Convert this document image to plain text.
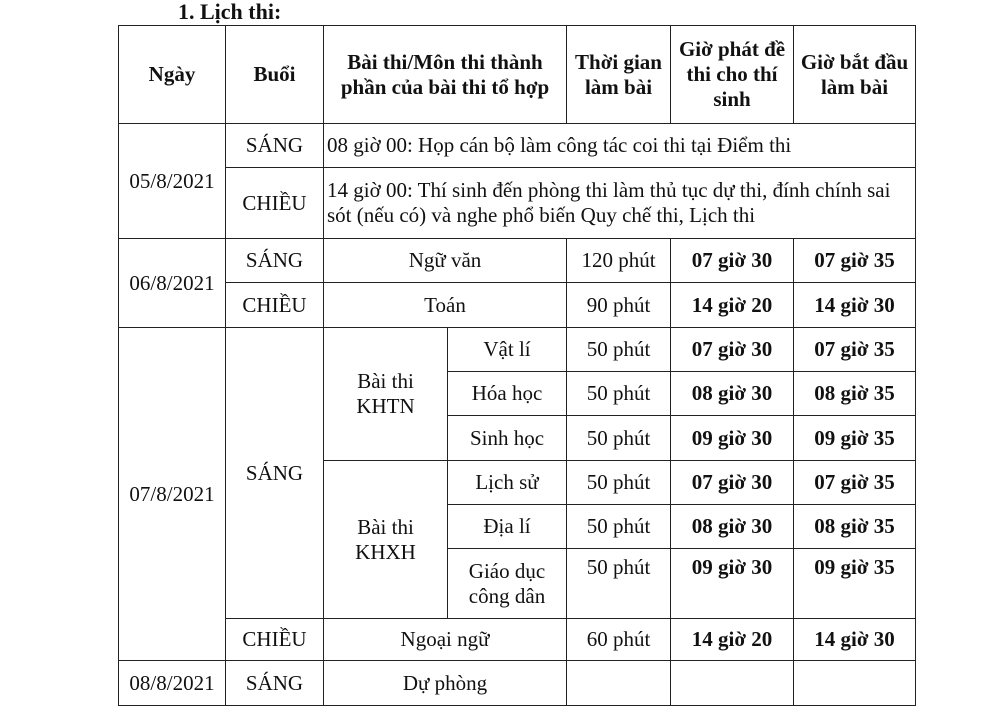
1. Lịch thi:
Ngày	Buổi	Bài thi/Môn thi thành phần của bài thi tổ hợp		Thời gian làm bài	Giờ phát đề thi cho thí sinh	Giờ bắt đầu làm bài
05/8/2021	SÁNG	08 giờ 00: Họp cán bộ làm công tác coi thi tại Điểm thi				
	CHIỀU	14 giờ 00: Thí sinh đến phòng thi làm thủ tục dự thi, đính chính sai sót (nếu có) và nghe phổ biến Quy chế thi, Lịch thi				
06/8/2021	SÁNG	Ngữ văn		120 phút	07 giờ 30	07 giờ 35
	CHIỀU	Toán		90 phút	14 giờ 20	14 giờ 30
07/8/2021	SÁNG	Bài thi KHTN	Vật lí	50 phút	07 giờ 30	07 giờ 35
			Hóa học	50 phút	08 giờ 30	08 giờ 35
			Sinh học	50 phút	09 giờ 30	09 giờ 35
		Bài thi KHXH	Lịch sử	50 phút	07 giờ 30	07 giờ 35
			Địa lí	50 phút	08 giờ 30	08 giờ 35
			Giáo dục công dân	50 phút	09 giờ 30	09 giờ 35
	CHIỀU	Ngoại ngữ		60 phút	14 giờ 20	14 giờ 30
08/8/2021	SÁNG	Dự phòng				
